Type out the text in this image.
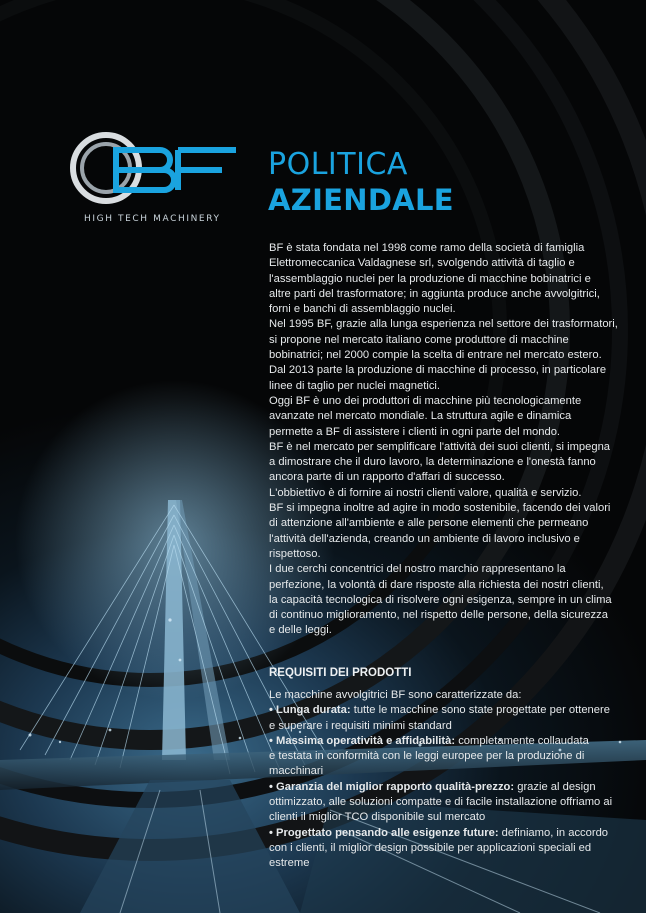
HIGH TECH MACHINERY
POLITICA
AZIENDALE

BF è stata fondata nel 1998 come ramo della società di famiglia

Elettromeccanica Valdagnese srl, svolgendo attività di taglio e

l'assemblaggio nuclei per la produzione di macchine bobinatrici e

altre parti del trasformatore; in aggiunta produce anche avvolgitrici,

forni e banchi di assemblaggio nuclei.

Nel 1995 BF, grazie alla lunga esperienza nel settore dei trasformatori,

si propone nel mercato italiano come produttore di macchine

bobinatrici; nel 2000 compie la scelta di entrare nel mercato estero.

Dal 2013 parte la produzione di macchine di processo, in particolare

linee di taglio per nuclei magnetici.

Oggi BF è uno dei produttori di macchine più tecnologicamente

avanzate nel mercato mondiale. La struttura agile e dinamica

permette a BF di assistere i clienti in ogni parte del mondo.

BF è nel mercato per semplificare l'attività dei suoi clienti, si impegna

a dimostrare che il duro lavoro, la determinazione e l'onestà fanno

ancora parte di un rapporto d'affari di successo.

L'obbiettivo è di fornire ai nostri clienti valore, qualità e servizio.

BF si impegna inoltre ad agire in modo sostenibile, facendo dei valori

di attenzione all'ambiente e alle persone elementi che permeano

l'attività dell'azienda, creando un ambiente di lavoro inclusivo e

rispettoso.

I due cerchi concentrici del nostro marchio rappresentano la

perfezione, la volontà di dare risposte alla richiesta dei nostri clienti,

la capacità tecnologica di risolvere ogni esigenza, sempre in un clima

di continuo miglioramento, nel rispetto delle persone, della sicurezza

e delle leggi.

REQUISITI DEI PRODOTTI

Le macchine avvolgitrici BF sono caratterizzate da:

• Lunga durata: tutte le macchine sono state progettate per ottenere

e superare i requisiti minimi standard

• Massima operatività e affidabilità: completamente collaudata

e testata in conformità con le leggi europee per la produzione di

macchinari

• Garanzia del miglior rapporto qualità-prezzo: grazie al design

ottimizzato, alle soluzioni compatte e di facile installazione offriamo ai

clienti il miglior TCO disponibile sul mercato

• Progettato pensando alle esigenze future: definiamo, in accordo

con i clienti, il miglior design possibile per applicazioni speciali ed

estreme
